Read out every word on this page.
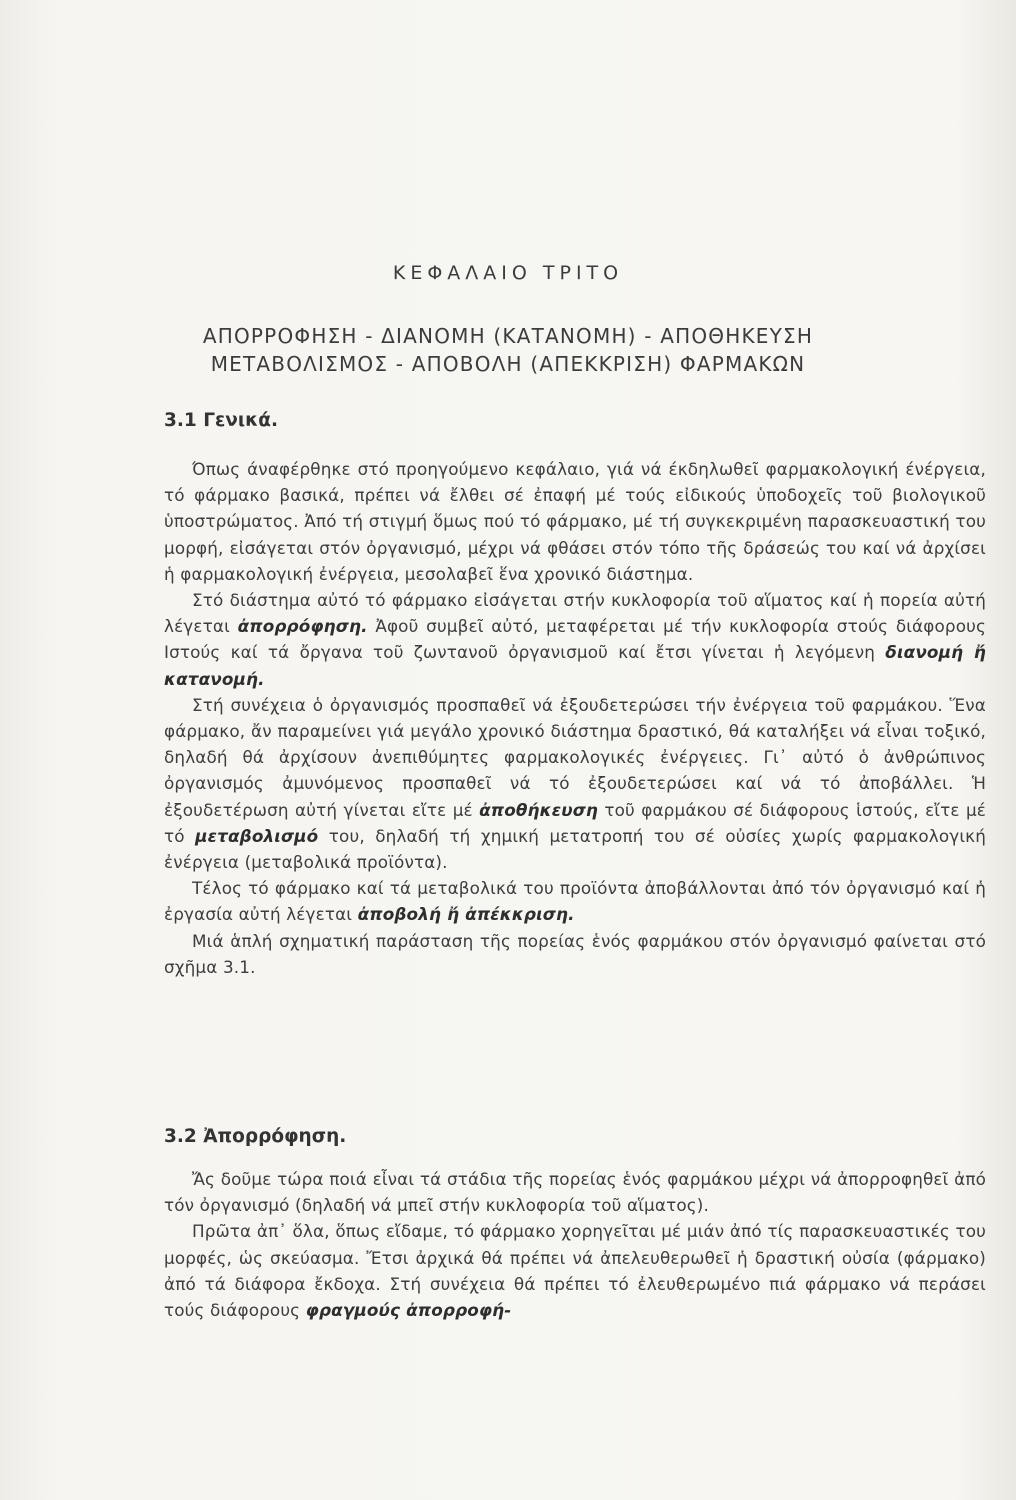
ΚΕΦΑΛΑΙΟ ΤΡΙΤΟ
ΑΠΟΡΡΟΦΗΣΗ - ΔΙΑΝΟΜΗ (ΚΑΤΑΝΟΜΗ) - ΑΠΟΘΗΚΕΥΣΗ
ΜΕΤΑΒΟΛΙΣΜΟΣ - ΑΠΟΒΟΛΗ (ΑΠΕΚΚΡΙΣΗ) ΦΑΡΜΑΚΩΝ
3.1 Γενικά.

Όπως άναφέρθηκε στό προηγούμενο κεφάλαιο, γιά νά έκδηλωθεῖ φαρμακολογική ένέργεια, τό φάρμακο βασικά, πρέπει νά ἔλθει σέ ἐπαφή μέ τούς εἰδικούς ὑποδοχεῖς τοῦ βιολογικοῦ ὑποστρώματος. Ἀπό τή στιγμή ὅμως πού τό φάρμακο, μέ τή συγκεκριμένη παρασκευαστική του μορφή, εἰσάγεται στόν ὀργανισμό, μέχρι νά φθάσει στόν τόπο τῆς δράσεώς του καί νά ἀρχίσει ἡ φαρμακολογική ἐνέργεια, μεσολαβεῖ ἕνα χρονικό διάστημα.

Στό διάστημα αὐτό τό φάρμακο εἰσάγεται στήν κυκλοφορία τοῦ αἵματος καί ἡ πορεία αὐτή λέγεται ἀπορρόφηση. Ἀφοῦ συμβεῖ αὐτό, μεταφέρεται μέ τήν κυκλοφορία στούς διάφορους Ιστούς καί τά ὄργανα τοῦ ζωντανοῦ ὀργανισμοῦ καί ἔτσι γίνεται ἡ λεγόμενη διανομή ἤ κατανομή.

Στή συνέχεια ὁ ὀργανισμός προσπαθεῖ νά ἐξουδετερώσει τήν ἐνέργεια τοῦ φαρμάκου. Ἕνα φάρμακο, ἄν παραμείνει γιά μεγάλο χρονικό διάστημα δραστικό, θά καταλήξει νά εἶναι τοξικό, δηλαδή θά ἀρχίσουν ἀνεπιθύμητες φαρμακολογικές ἐνέργειες. Γι᾿ αὐτό ὁ ἀνθρώπινος ὀργανισμός ἀμυνόμενος προσπαθεῖ νά τό ἐξουδετερώσει καί νά τό ἀποβάλλει. Ἡ ἐξουδετέρωση αὐτή γίνεται εἴτε μέ ἀποθήκευση τοῦ φαρμάκου σέ διάφορους ἱστούς, εἴτε μέ τό μεταβολισμό του, δηλαδή τή χημική μετατροπή του σέ οὐσίες χωρίς φαρμακολογική ἐνέργεια (μεταβολικά προϊόντα).

Τέλος τό φάρμακο καί τά μεταβολικά του προϊόντα ἀποβάλλονται ἀπό τόν ὀργανισμό καί ἡ ἐργασία αὐτή λέγεται ἀποβολή ἤ ἀπέκκριση.

Μιά ἁπλή σχηματική παράσταση τῆς πορείας ἑνός φαρμάκου στόν ὀργανισμό φαίνεται στό σχῆμα 3.1.

3.2 Ἀπορρόφηση.

Ἄς δοῦμε τώρα ποιά εἶναι τά στάδια τῆς πορείας ἑνός φαρμάκου μέχρι νά ἀπορροφηθεῖ ἀπό τόν ὀργανισμό (δηλαδή νά μπεῖ στήν κυκλοφορία τοῦ αἵματος).

Πρῶτα ἀπ᾿ ὅλα, ὅπως εἴδαμε, τό φάρμακο χορηγεῖται μέ μιάν ἀπό τίς παρασκευαστικές του μορφές, ὡς σκεύασμα. Ἔτσι ἀρχικά θά πρέπει νά ἀπελευθερωθεῖ ἡ δραστική οὐσία (φάρμακο) ἀπό τά διάφορα ἔκδοχα. Στή συνέχεια θά πρέπει τό ἐλευθερωμένο πιά φάρμακο νά περάσει τούς διάφορους φραγμούς ἀπορροφή-
